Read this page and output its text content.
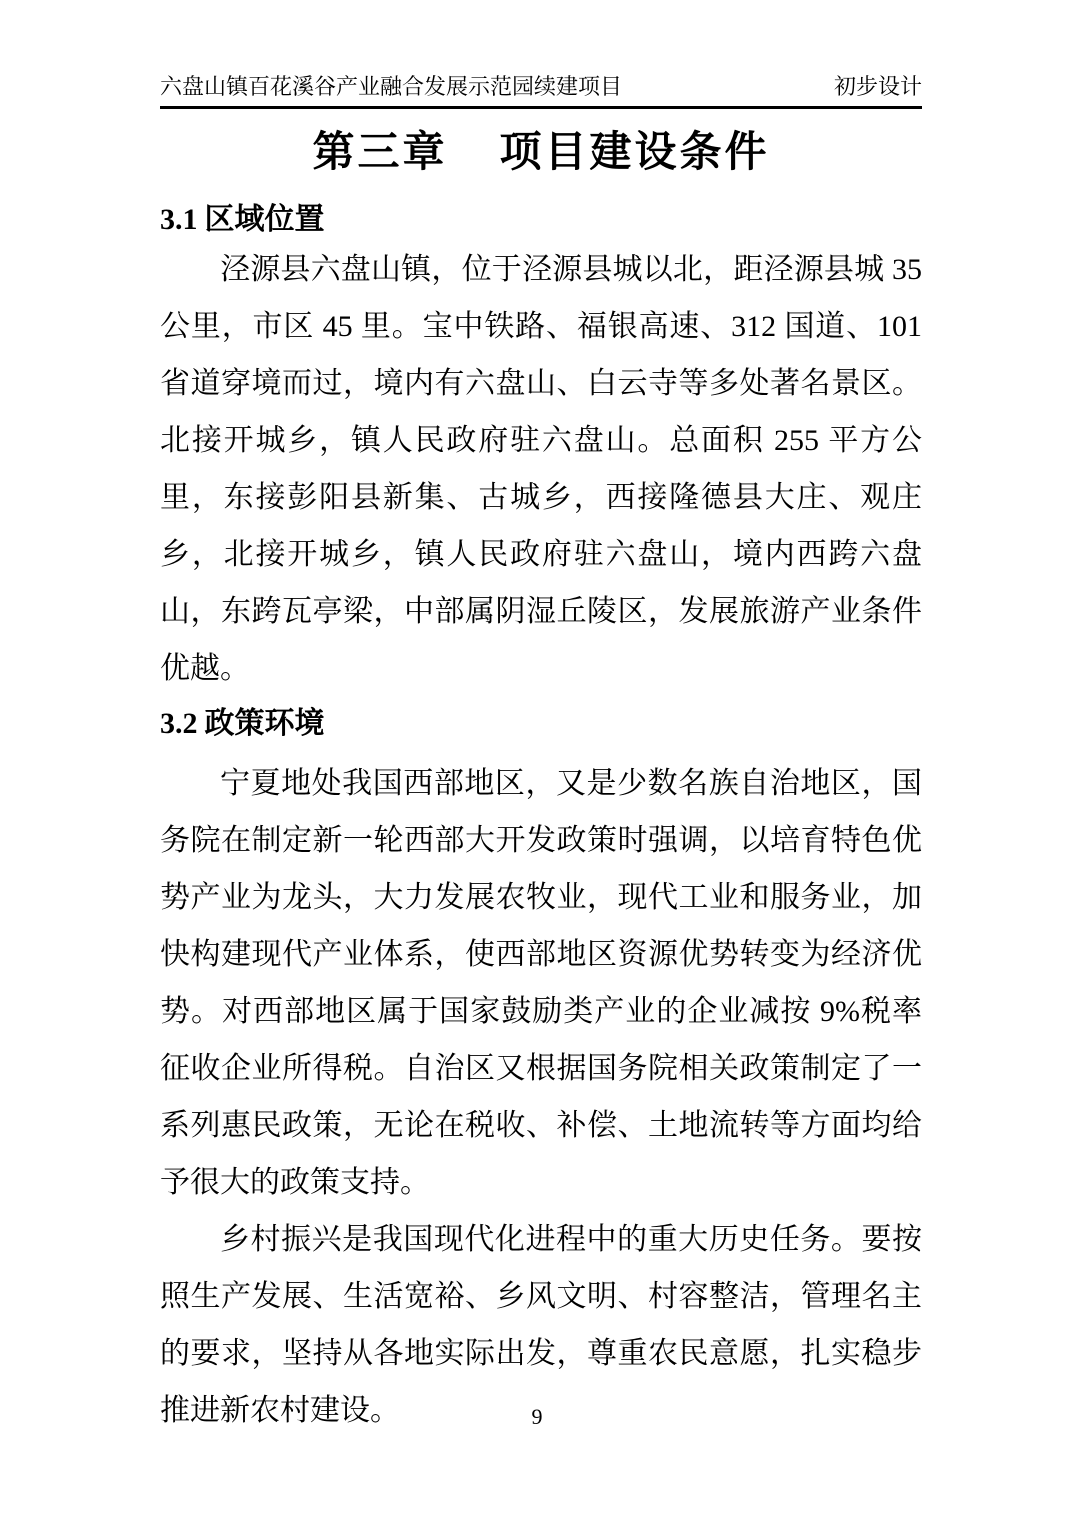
六盘山镇百花溪谷产业融合发展示范园续建项目	初步设计
第三章 项目建设条件
3.1 区域位置

泾源县六盘山镇，位于泾源县城以北，距泾源县城 35 公里，市区 45 里。宝中铁路、福银高速、312 国道、101 省道穿境而过，境内有六盘山、白云寺等多处著名景区。北接开城乡，镇人民政府驻六盘山。总面积 255 平方公里，东接彭阳县新集、古城乡，西接隆德县大庄、观庄乡，北接开城乡，镇人民政府驻六盘山，境内西跨六盘山，东跨瓦亭梁，中部属阴湿丘陵区，发展旅游产业条件优越。

3.2 政策环境

宁夏地处我国西部地区，又是少数名族自治地区，国务院在制定新一轮西部大开发政策时强调，以培育特色优势产业为龙头，大力发展农牧业，现代工业和服务业，加快构建现代产业体系，使西部地区资源优势转变为经济优势。对西部地区属于国家鼓励类产业的企业减按 9%税率征收企业所得税。自治区又根据国务院相关政策制定了一系列惠民政策，无论在税收、补偿、土地流转等方面均给予很大的政策支持。

乡村振兴是我国现代化进程中的重大历史任务。要按照生产发展、生活宽裕、乡风文明、村容整洁，管理名主的要求，坚持从各地实际出发，尊重农民意愿，扎实稳步推进新农村建设。	9
